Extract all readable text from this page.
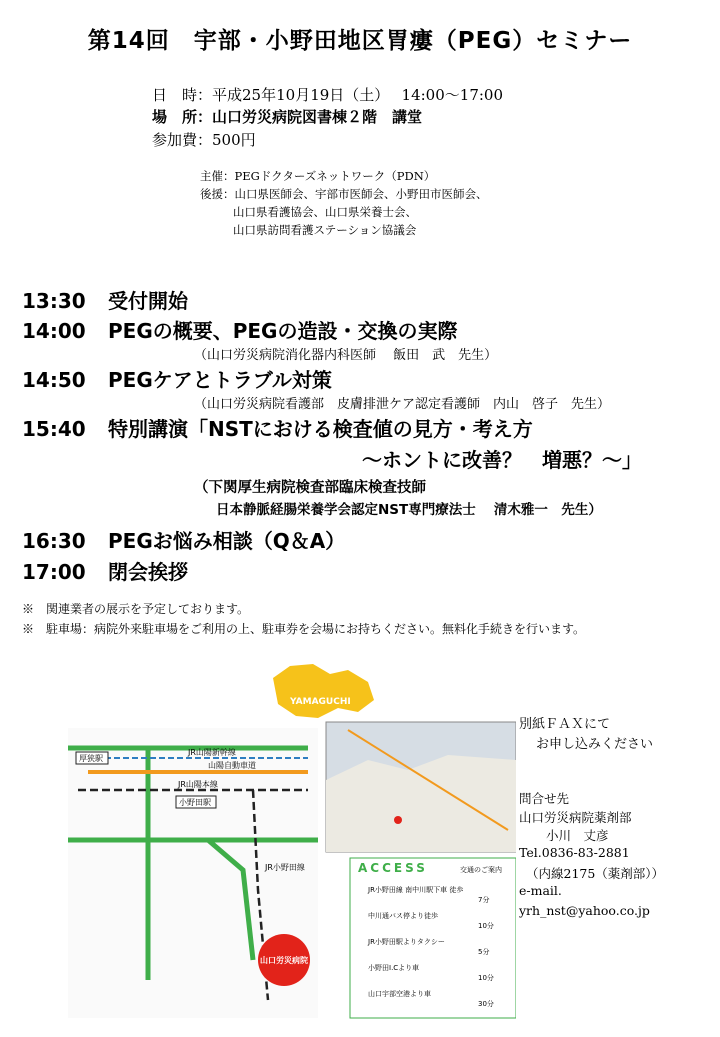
第14回　宇部・小野田地区胃瘻（PEG）セミナー
日　時：平成25年10月19日（土）　 14:00～17:00
場　所：山口労災病院図書棟２階　講堂
参加費：500円
主催：PEGドクターズネットワーク（PDN）
後援：山口県医師会、宇部市医師会、小野田市医師会、
山口県看護協会、山口県栄養士会、
山口県訪問看護ステーション協議会
13:30 受付開始
14:00 PEGの概要、PEGの造設・交換の実際
（山口労災病院消化器内科医師　 飯田　武　先生）
14:50 PEGケアとトラブル対策
（山口労災病院看護部　皮膚排泄ケア認定看護師　内山　啓子　先生）
15:40 特別講演「NSTにおける検査値の見方・考え方
～ホントに改善？　増悪？～」
（下関厚生病院検査部臨床検査技師
日本静脈経腸栄養学会認定NST専門療法士　 清木雅一　先生）
16:30 PEGお悩み相談（Q＆A）
17:00 閉会挨拶
※　関連業者の展示を予定しております。
※　駐車場：病院外来駐車場をご利用の上、駐車券を会場にお持ちください。無料化手続きを行います。
YAMAGUCHI
山陽自動車道
JR山陽新幹線
JR山陽本線
JR小野田線
厚狭駅
小野田駅
山口労災病院
ACCESS	交通のご案内
JR小野田線 南中川駅下車 徒歩
7分
中川通バス停より徒歩
10分
JR小野田駅よりタクシー
5分
小野田I.Cより車
10分
山口宇部空港より車
30分
別紙ＦＡＸにて
お申し込みください
問合せ先
山口労災病院薬剤部
小川　丈彦
Tel.0836-83-2881
（内線2175（薬剤部））
e-mail.
yrh_nst@yahoo.co.jp
